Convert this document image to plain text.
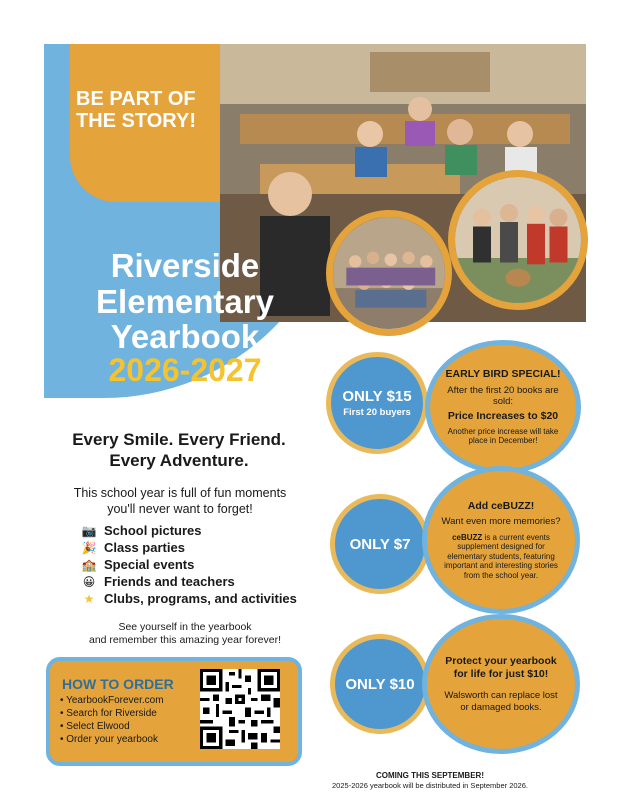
BE PART OF THE STORY!
Riverside
Elementary
Yearbook
2026-2027
Every Smile. Every Friend.
Every Adventure.
This school year is full of fun moments you'll never want to forget!
📷 School pictures
🎉 Class parties
🏫 Special events
😀 Friends and teachers
★ Clubs, programs, and activities
See yourself in the yearbook
and remember this amazing year forever!
HOW TO ORDER
• YearbookForever.com
• Search for Riverside
• Select Elwood
• Order your yearbook
ONLY $15
First 20 buyers
ONLY $7
ONLY $10
EARLY BIRD SPECIAL!
After the first 20 books are sold:
Price Increases to $20
Another price increase will take place in December!
Add ceBUZZ!
Want even more memories?
ceBUZZ is a current events supplement designed for elementary students, featuring important and interesting stories from the school year.
Protect your yearbook for life for just $10!
Walsworth can replace lost or damaged books.
COMING THIS SEPTEMBER!
2025-2026 yearbook will be distributed in September 2026.
